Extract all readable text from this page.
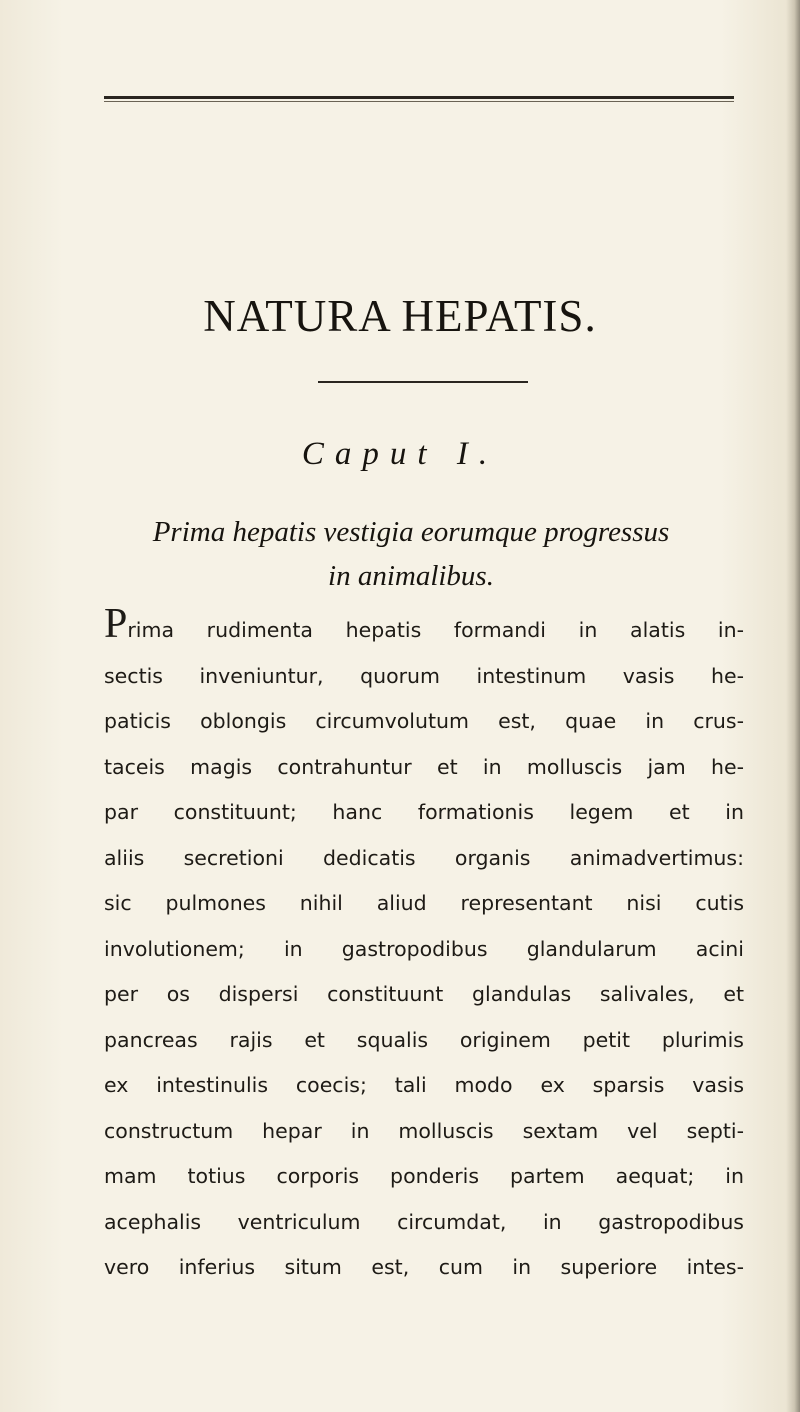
NATURA HEPATIS.
Caput I.
Prima hepatis vestigia eorumque progressus
in animalibus.
Prima rudimenta hepatis formandi in alatis in-
sectis inveniuntur, quorum intestinum vasis he-
paticis oblongis circumvolutum est, quae in crus-
taceis magis contrahuntur et in molluscis jam he-
par constituunt; hanc formationis legem et in
aliis secretioni dedicatis organis animadvertimus:
sic pulmones nihil aliud representant nisi cutis
involutionem; in gastropodibus glandularum acini
per os dispersi constituunt glandulas salivales, et
pancreas rajis et squalis originem petit plurimis
ex intestinulis coecis; tali modo ex sparsis vasis
constructum hepar in molluscis sextam vel septi-
mam totius corporis ponderis partem aequat; in
acephalis ventriculum circumdat, in gastropodibus
vero inferius situm est, cum in superiore intes-
